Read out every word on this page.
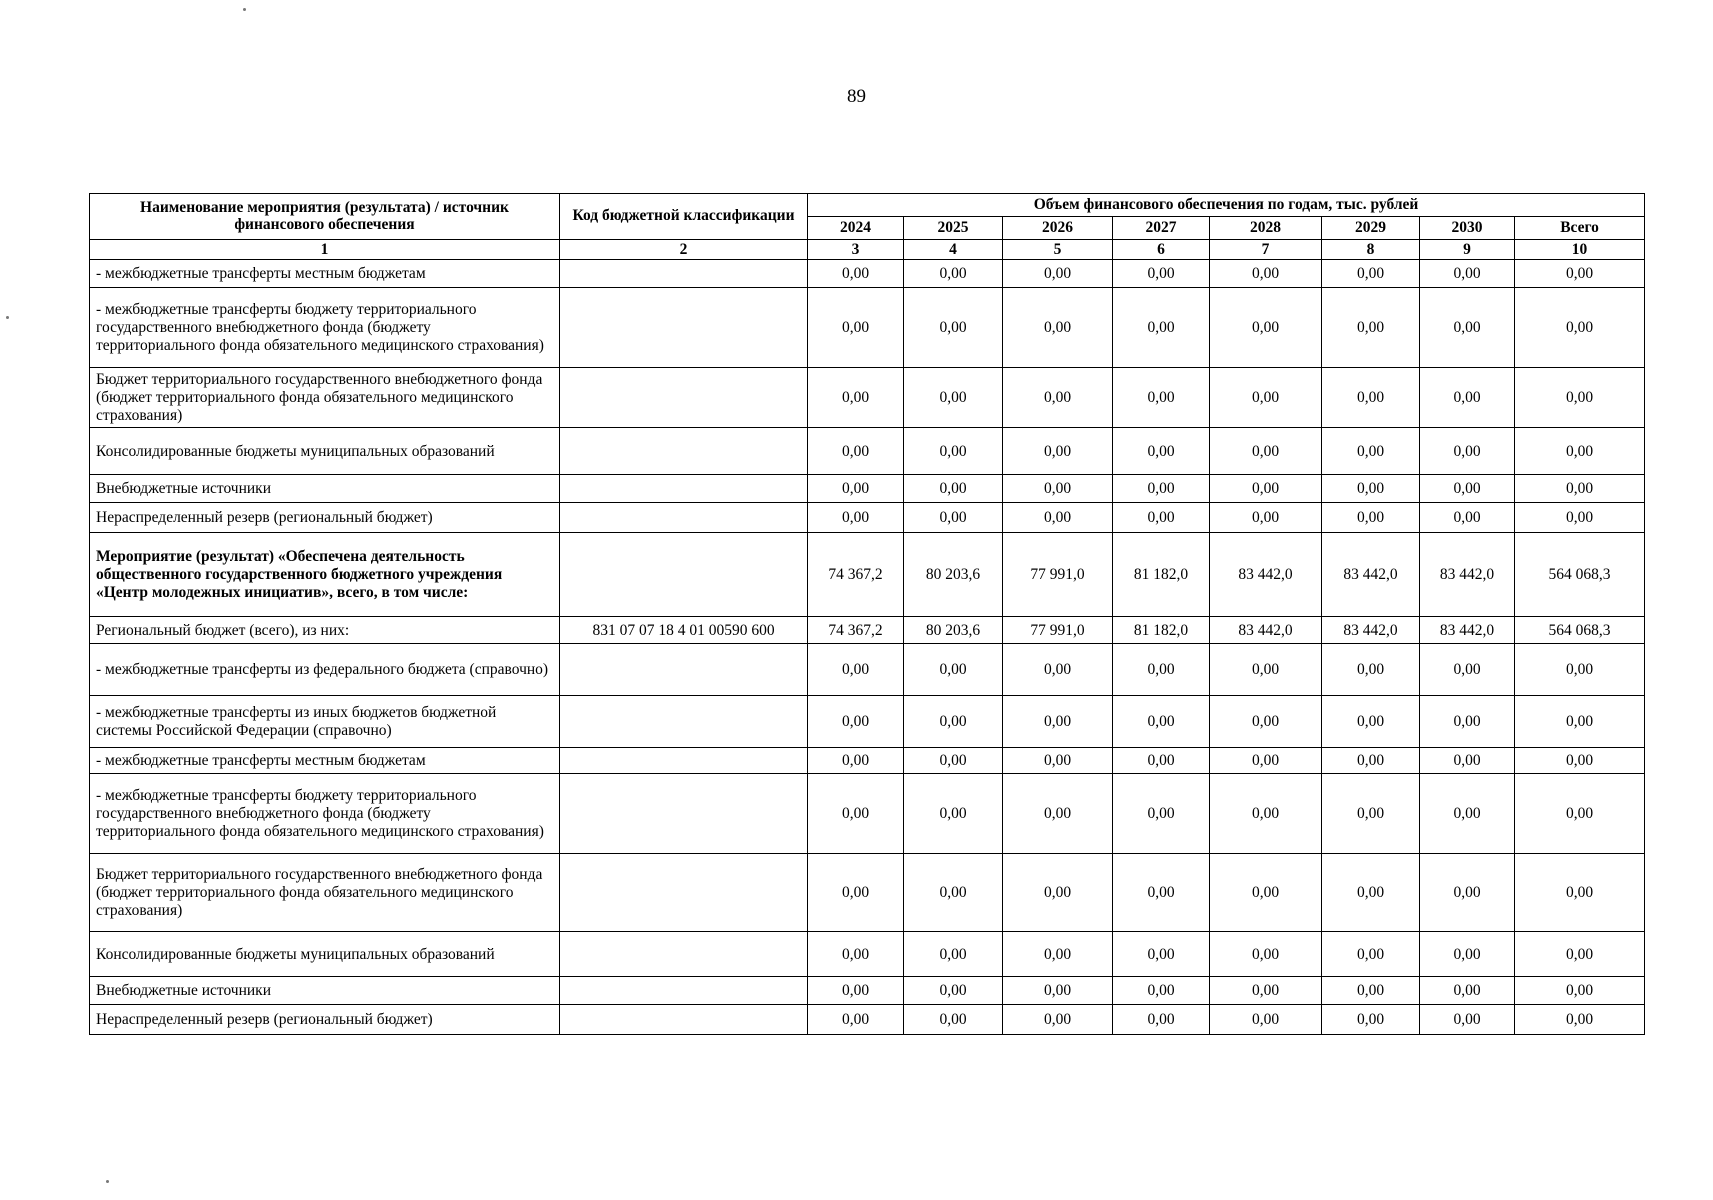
89
Наименование мероприятия (результата) / источник финансового обеспечения	Код бюджетной классификации	Объем финансового обеспечения по годам, тыс. рублей							
		2024	2025	2026	2027	2028	2029	2030	Всего
1	2	3	4	5	6	7	8	9	10
- межбюджетные трансферты местным бюджетам		0,00	0,00	0,00	0,00	0,00	0,00	0,00	0,00
- межбюджетные трансферты бюджету территориального государственного внебюджетного фонда (бюджету территориального фонда обязательного медицинского страхования)		0,00	0,00	0,00	0,00	0,00	0,00	0,00	0,00
Бюджет территориального государственного внебюджетного фонда (бюджет территориального фонда обязательного медицинского страхования)		0,00	0,00	0,00	0,00	0,00	0,00	0,00	0,00
Консолидированные бюджеты муниципальных образований		0,00	0,00	0,00	0,00	0,00	0,00	0,00	0,00
Внебюджетные источники		0,00	0,00	0,00	0,00	0,00	0,00	0,00	0,00
Нераспределенный резерв (региональный бюджет)		0,00	0,00	0,00	0,00	0,00	0,00	0,00	0,00
Мероприятие (результат) «Обеспечена деятельность общественного государственного бюджетного учреждения «Центр молодежных инициатив», всего, в том числе:		74 367,2	80 203,6	77 991,0	81 182,0	83 442,0	83 442,0	83 442,0	564 068,3
Региональный бюджет (всего), из них:	831 07 07 18 4 01 00590 600	74 367,2	80 203,6	77 991,0	81 182,0	83 442,0	83 442,0	83 442,0	564 068,3
- межбюджетные трансферты из федерального бюджета (справочно)		0,00	0,00	0,00	0,00	0,00	0,00	0,00	0,00
- межбюджетные трансферты из иных бюджетов бюджетной системы Российской Федерации (справочно)		0,00	0,00	0,00	0,00	0,00	0,00	0,00	0,00
- межбюджетные трансферты местным бюджетам		0,00	0,00	0,00	0,00	0,00	0,00	0,00	0,00
- межбюджетные трансферты бюджету территориального государственного внебюджетного фонда (бюджету территориального фонда обязательного медицинского страхования)		0,00	0,00	0,00	0,00	0,00	0,00	0,00	0,00
Бюджет территориального государственного внебюджетного фонда (бюджет территориального фонда обязательного медицинского страхования)		0,00	0,00	0,00	0,00	0,00	0,00	0,00	0,00
Консолидированные бюджеты муниципальных образований		0,00	0,00	0,00	0,00	0,00	0,00	0,00	0,00
Внебюджетные источники		0,00	0,00	0,00	0,00	0,00	0,00	0,00	0,00
Нераспределенный резерв (региональный бюджет)		0,00	0,00	0,00	0,00	0,00	0,00	0,00	0,00
